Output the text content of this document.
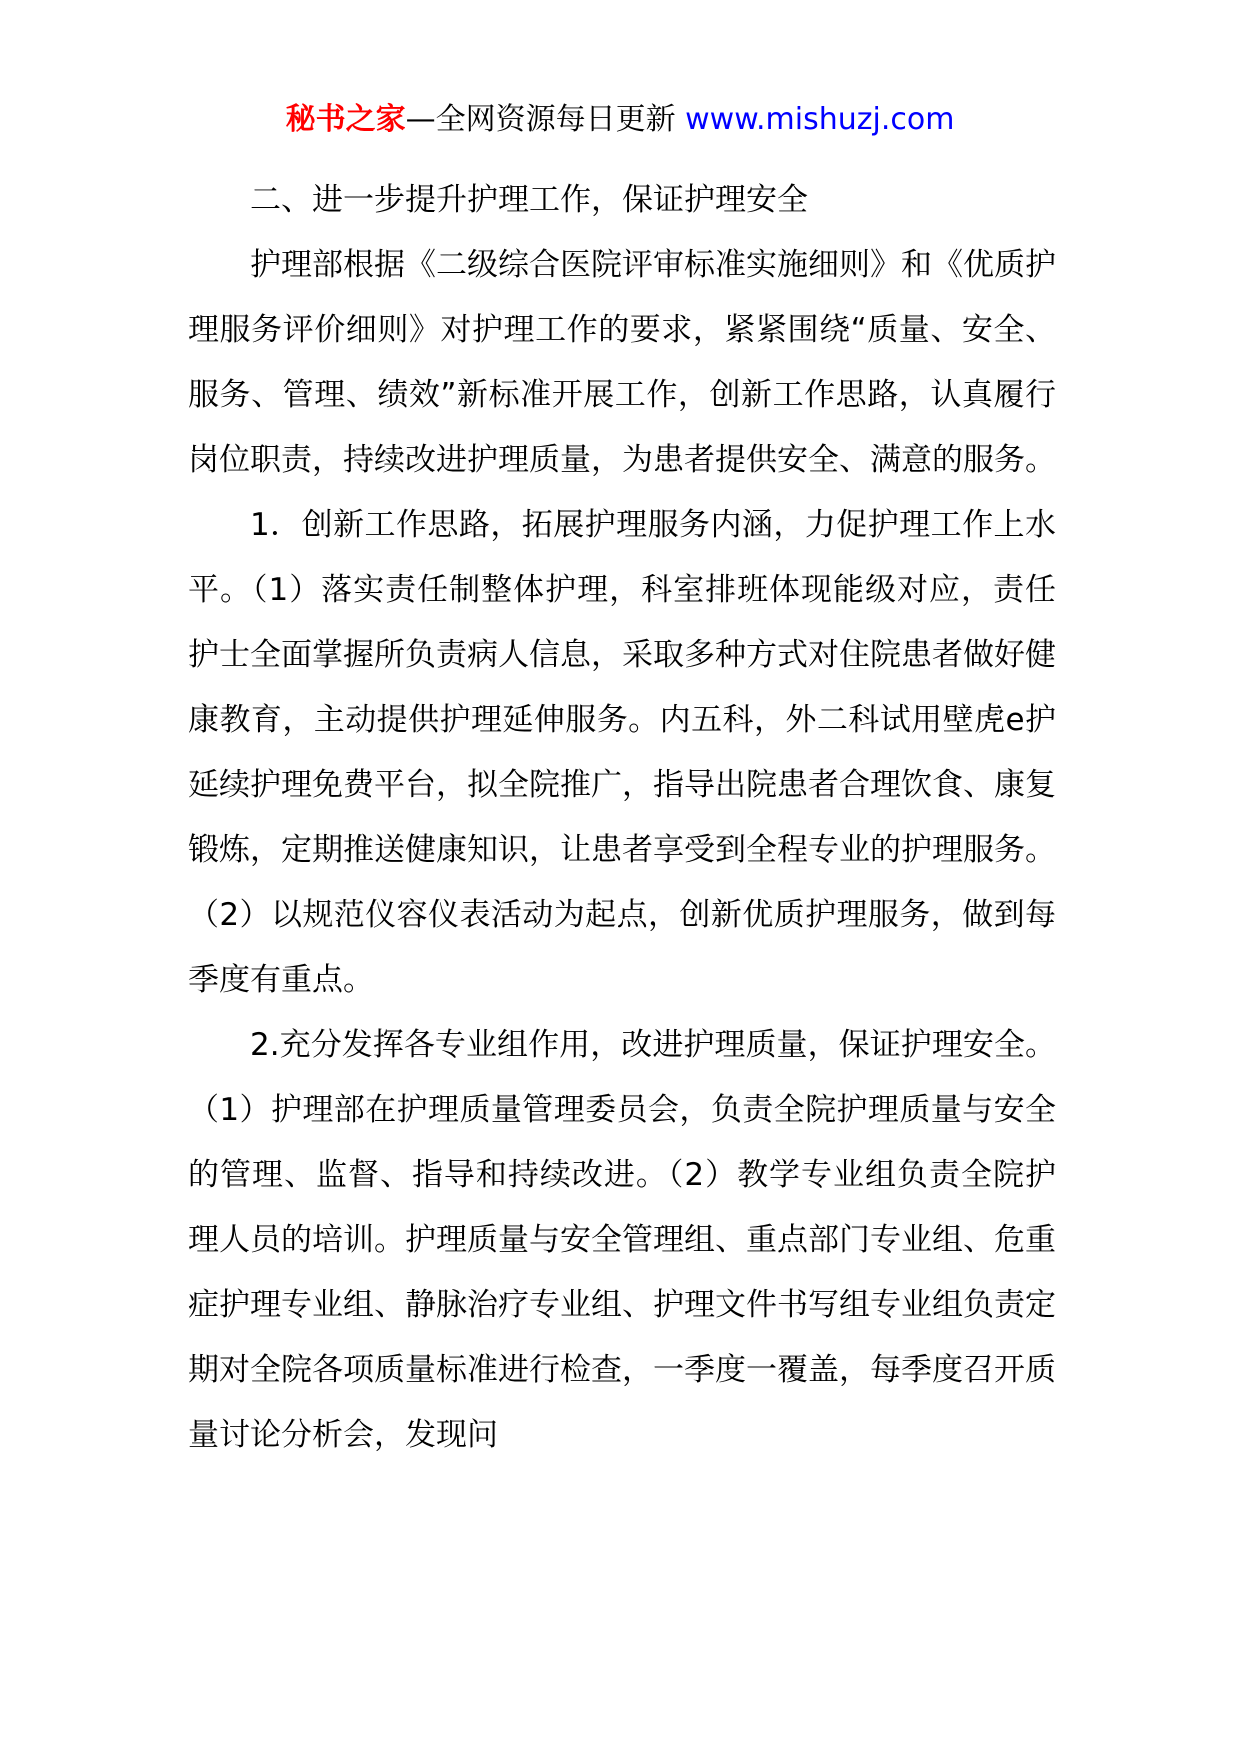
秘书之家—全网资源每日更新 www.mishuzj.com

二、进一步提升护理工作，保证护理安全

护理部根据《二级综合医院评审标准实施细则》和《优质护理服务评价细则》对护理工作的要求，紧紧围绕“质量、安全、服务、管理、绩效”新标准开展工作，创新工作思路，认真履行岗位职责，持续改进护理质量，为患者提供安全、满意的服务。

1．创新工作思路，拓展护理服务内涵，力促护理工作上水平。（1）落实责任制整体护理，科室排班体现能级对应，责任护士全面掌握所负责病人信息，采取多种方式对住院患者做好健康教育，主动提供护理延伸服务。内五科，外二科试用壁虎e护延续护理免费平台，拟全院推广，指导出院患者合理饮食、康复锻炼，定期推送健康知识，让患者享受到全程专业的护理服务。（2）以规范仪容仪表活动为起点，创新优质护理服务，做到每季度有重点。

2.充分发挥各专业组作用，改进护理质量，保证护理安全。（1）护理部在护理质量管理委员会，负责全院护理质量与安全的管理、监督、指导和持续改进。（2）教学专业组负责全院护理人员的培训。护理质量与安全管理组、重点部门专业组、危重症护理专业组、静脉治疗专业组、护理文件书写组专业组负责定期对全院各项质量标准进行检查，一季度一覆盖，每季度召开质量讨论分析会，发现问
